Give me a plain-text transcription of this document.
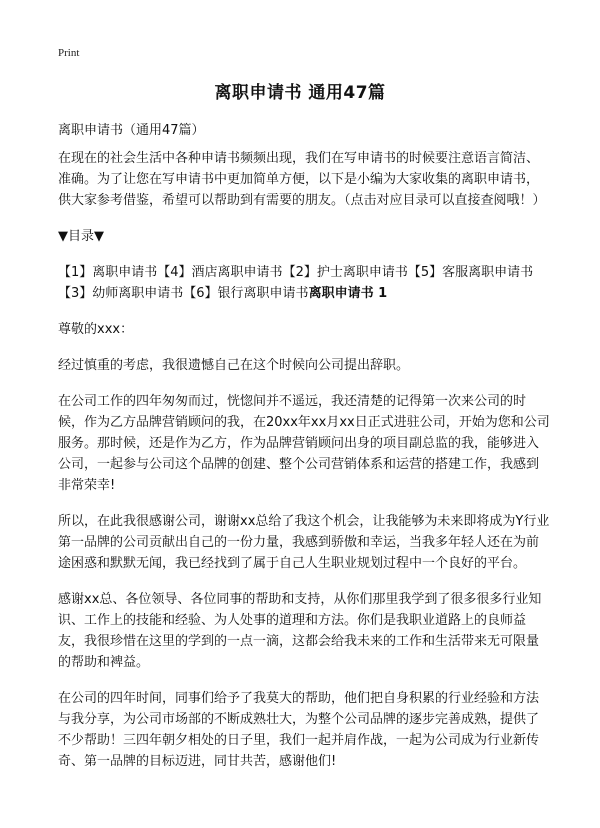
Print
离职申请书 通用47篇

离职申请书（通用47篇）

在现在的社会生活中各种申请书频频出现，我们在写申请书的时候要注意语言简洁、准确。为了让您在写申请书中更加简单方便，以下是小编为大家收集的离职申请书，供大家参考借鉴，希望可以帮助到有需要的朋友。（点击对应目录可以直接查阅哦！）

▼目录▼

【1】离职申请书【4】酒店离职申请书【2】护士离职申请书【5】客服离职申请书【3】幼师离职申请书【6】银行离职申请书离职申请书 1

尊敬的xxx：

经过慎重的考虑，我很遗憾自己在这个时候向公司提出辞职。

在公司工作的四年匆匆而过，恍惚间并不遥远，我还清楚的记得第一次来公司的时候，作为乙方品牌营销顾问的我，在20xx年xx月xx日正式进驻公司，开始为您和公司服务。那时候，还是作为乙方，作为品牌营销顾问出身的项目副总监的我，能够进入公司，一起参与公司这个品牌的创建、整个公司营销体系和运营的搭建工作，我感到非常荣幸!

所以，在此我很感谢公司，谢谢xx总给了我这个机会，让我能够为未来即将成为Y行业第一品牌的公司贡献出自己的一份力量，我感到骄傲和幸运，当我多年轻人还在为前途困惑和默默无闻，我已经找到了属于自己人生职业规划过程中一个良好的平台。

感谢xx总、各位领导、各位同事的帮助和支持，从你们那里我学到了很多很多行业知识、工作上的技能和经验、为人处事的道理和方法。你们是我职业道路上的良师益友，我很珍惜在这里的学到的一点一滴，这都会给我未来的工作和生活带来无可限量的帮助和裨益。

在公司的四年时间，同事们给予了我莫大的帮助，他们把自身积累的行业经验和方法与我分享，为公司市场部的不断成熟壮大，为整个公司品牌的逐步完善成熟，提供了不少帮助！三四年朝夕相处的日子里，我们一起并肩作战，一起为公司成为行业新传奇、第一品牌的目标迈进，同甘共苦，感谢他们!
